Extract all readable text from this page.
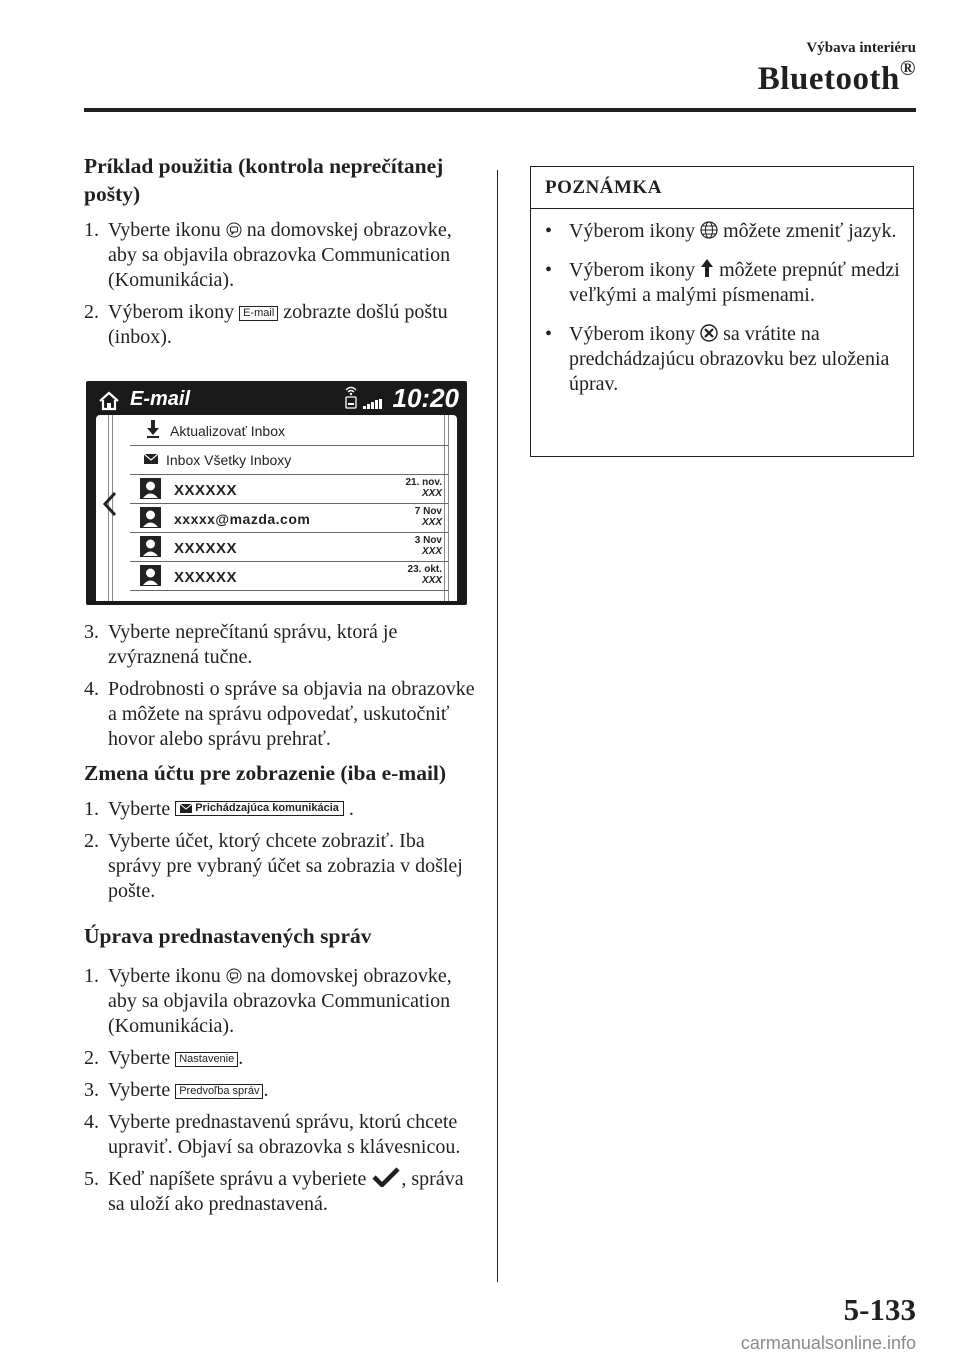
Výbava interiéru
Bluetooth®
Príklad použitia (kontrola neprečítanej pošty)
1. Vyberte ikonu na domovskej obrazovke, aby sa objavila obrazovka Communication (Komunikácia).
2. Výberom ikony E-mail zobrazte došlú poštu (inbox).
E-mail	10:20
Aktualizovať Inbox
Inbox Všetky Inboxy
XXXXXX	21. nov.
XXX
xxxxx@mazda.com	7 Nov
XXX
XXXXXX	3 Nov
XXX
XXXXXX	23. okt.
XXX
3. Vyberte neprečítanú správu, ktorá je zvýraznená tučne.
4. Podrobnosti o správe sa objavia na obrazovke a môžete na správu odpovedať, uskutočniť hovor alebo správu prehrať.
Zmena účtu pre zobrazenie (iba e-mail)
1. Vyberte Prichádzajúca komunikácia .
2. Vyberte účet, ktorý chcete zobraziť. Iba správy pre vybraný účet sa zobrazia v došlej pošte.
Úprava prednastavených správ
1. Vyberte ikonu na domovskej obrazovke, aby sa objavila obrazovka Communication (Komunikácia).
2. Vyberte Nastavenie .
3. Vyberte Predvoľba správ .
4. Vyberte prednastavenú správu, ktorú chcete upraviť. Objaví sa obrazovka s klávesnicou.
5. Keď napíšete správu a vyberiete , správa sa uloží ako prednastavená.
POZNÁMKA
• Výberom ikony môžete zmeniť jazyk.
• Výberom ikony môžete prepnúť medzi veľkými a malými písmenami.
• Výberom ikony sa vrátite na predchádzajúcu obrazovku bez uloženia úprav.
5-133
carmanualsonline.info
